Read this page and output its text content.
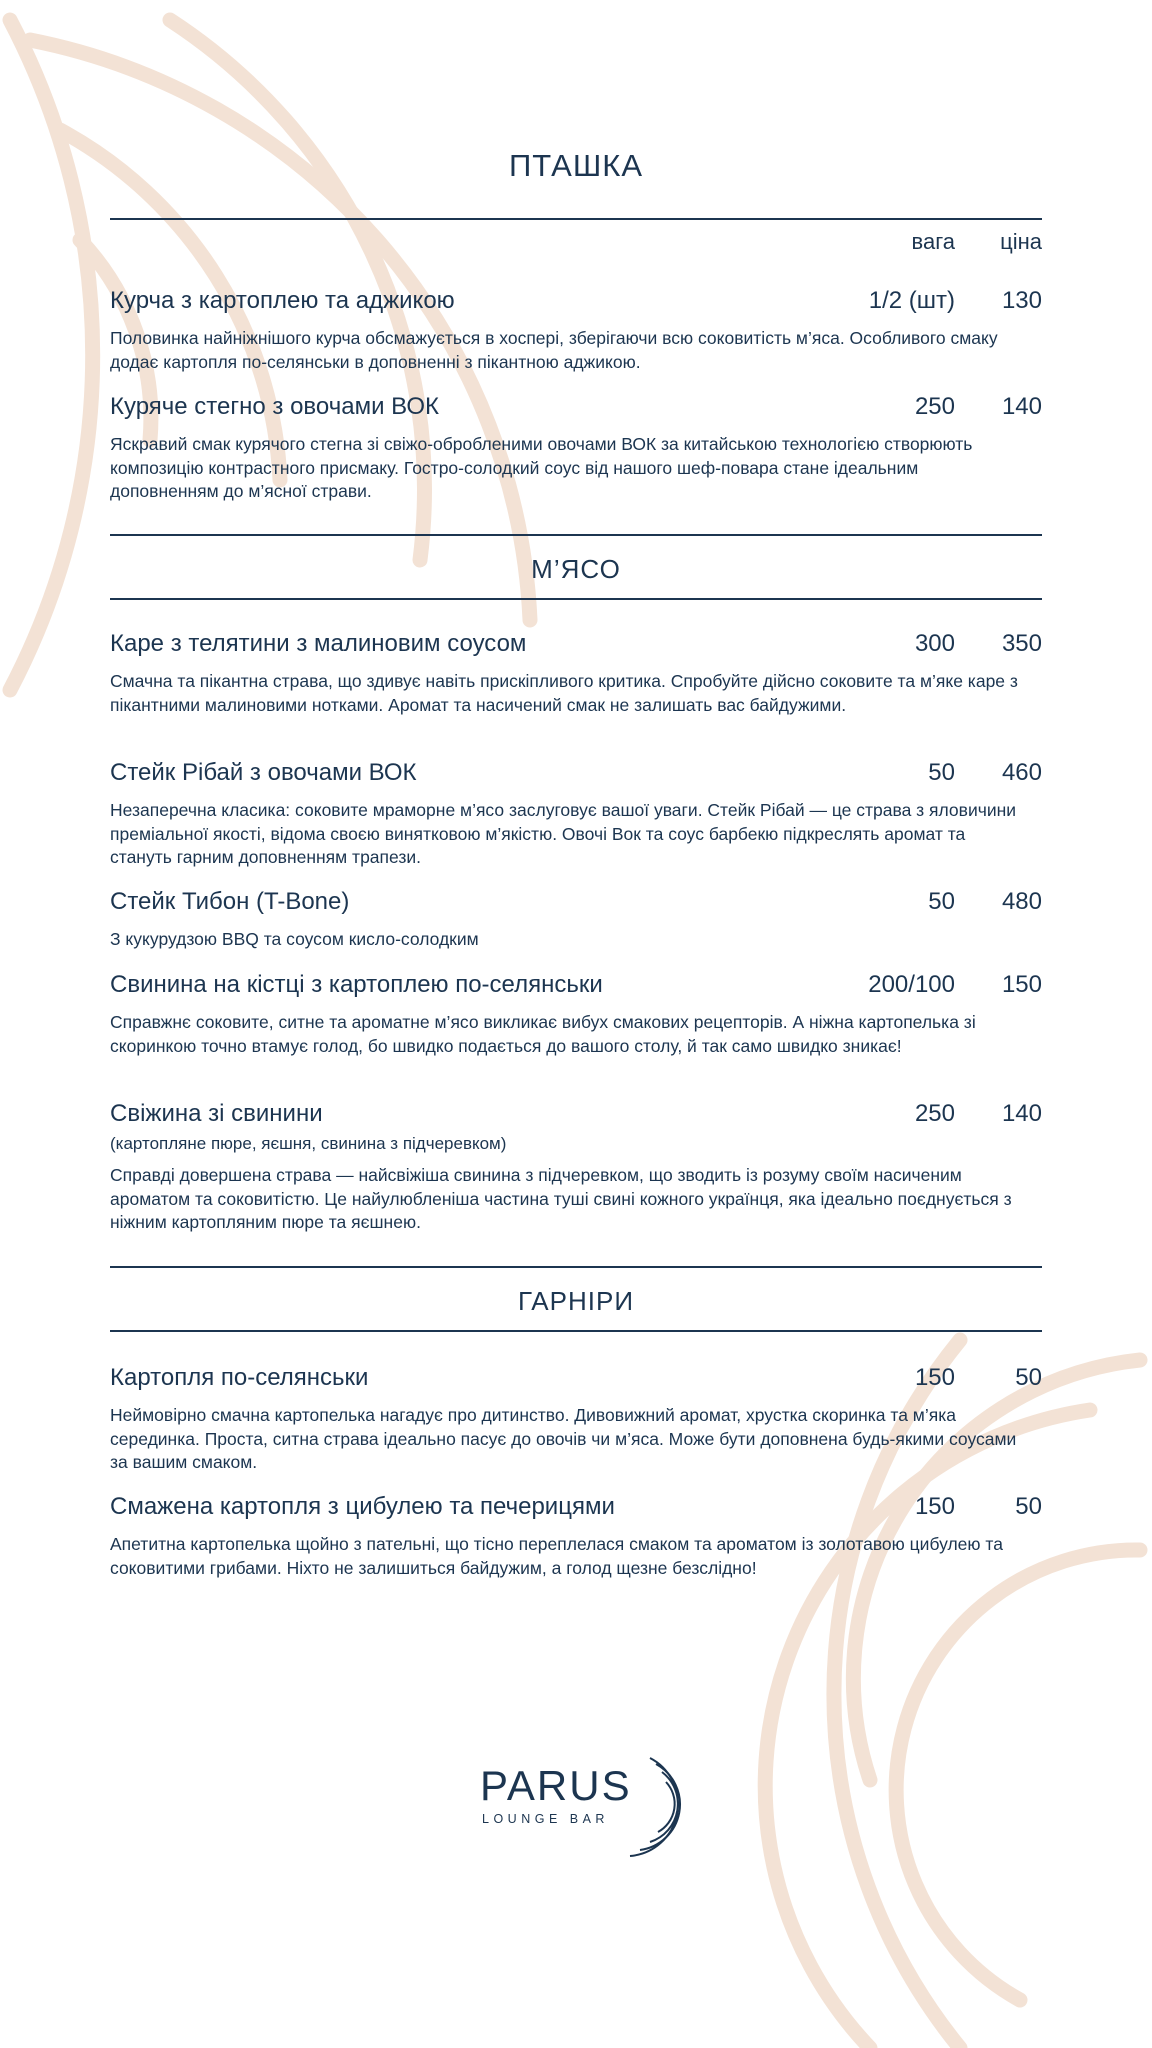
ПТАШКА
вага ціна
Курча з картоплею та аджикою	1/2 (шт) 130
Половинка найніжнішого курча обсмажується в хоспері, зберігаючи всю соковитість м’яса. Особливого смаку додає картопля по-селянськи в доповненні з пікантною аджикою.
Куряче стегно з овочами ВОК	250 140
Яскравий смак курячого стегна зі свіжо-обробленими овочами ВОК за китайською технологією створюють композицію контрастного присмаку. Гостро-солодкий соус від нашого шеф-повара стане ідеальним доповненням до м’ясної страви.
М’ЯСО
Каре з телятини з малиновим соусом	300 350
Смачна та пікантна страва, що здивує навіть прискіпливого критика. Спробуйте дійсно соковите та м’яке каре з пікантними малиновими нотками. Аромат та насичений смак не залишать вас байдужими.
Стейк Рібай з овочами ВОК	50 460
Незаперечна класика: соковите мраморне м’ясо заслуговує вашої уваги. Стейк Рібай — це страва з яловичини преміальної якості, відома своєю винятковою м’якістю. Овочі Вок та соус барбекю підкреслять аромат та стануть гарним доповненням трапези.
Стейк Тибон (T-Bone)	50 480
З кукурудзою BBQ та соусом кисло-солодким
Свинина на кістці з картоплею по-селянськи	200/100 150
Справжнє соковите, ситне та ароматне м’ясо викликає вибух смакових рецепторів. А ніжна картопелька зі скоринкою точно втамує голод, бо швидко подається до вашого столу, й так само швидко зникає!
Свіжина зі свинини	250 140
(картопляне пюре, яєшня, свинина з підчеревком)
Справді довершена страва — найсвіжіша свинина з підчеревком, що зводить із розуму своїм насиченим ароматом та соковитістю. Це найулюбленіша частина туші свині кожного українця, яка ідеально поєднується з ніжним картопляним пюре та яєшнею.
ГАРНІРИ
Картопля по-селянськи	150	50
Неймовірно смачна картопелька нагадує про дитинство. Дивовижний аромат, хрустка скоринка та м’яка серединка. Проста, ситна страва ідеально пасує до овочів чи м’яса. Може бути доповнена будь-якими соусами за вашим смаком.
Смажена картопля з цибулею та печерицями	150	50
Апетитна картопелька щойно з пательні, що тісно переплелася смаком та ароматом із золотавою цибулею та соковитими грибами. Ніхто не залишиться байдужим, а голод щезне безслідно!
PARUS
LOUNGE BAR
